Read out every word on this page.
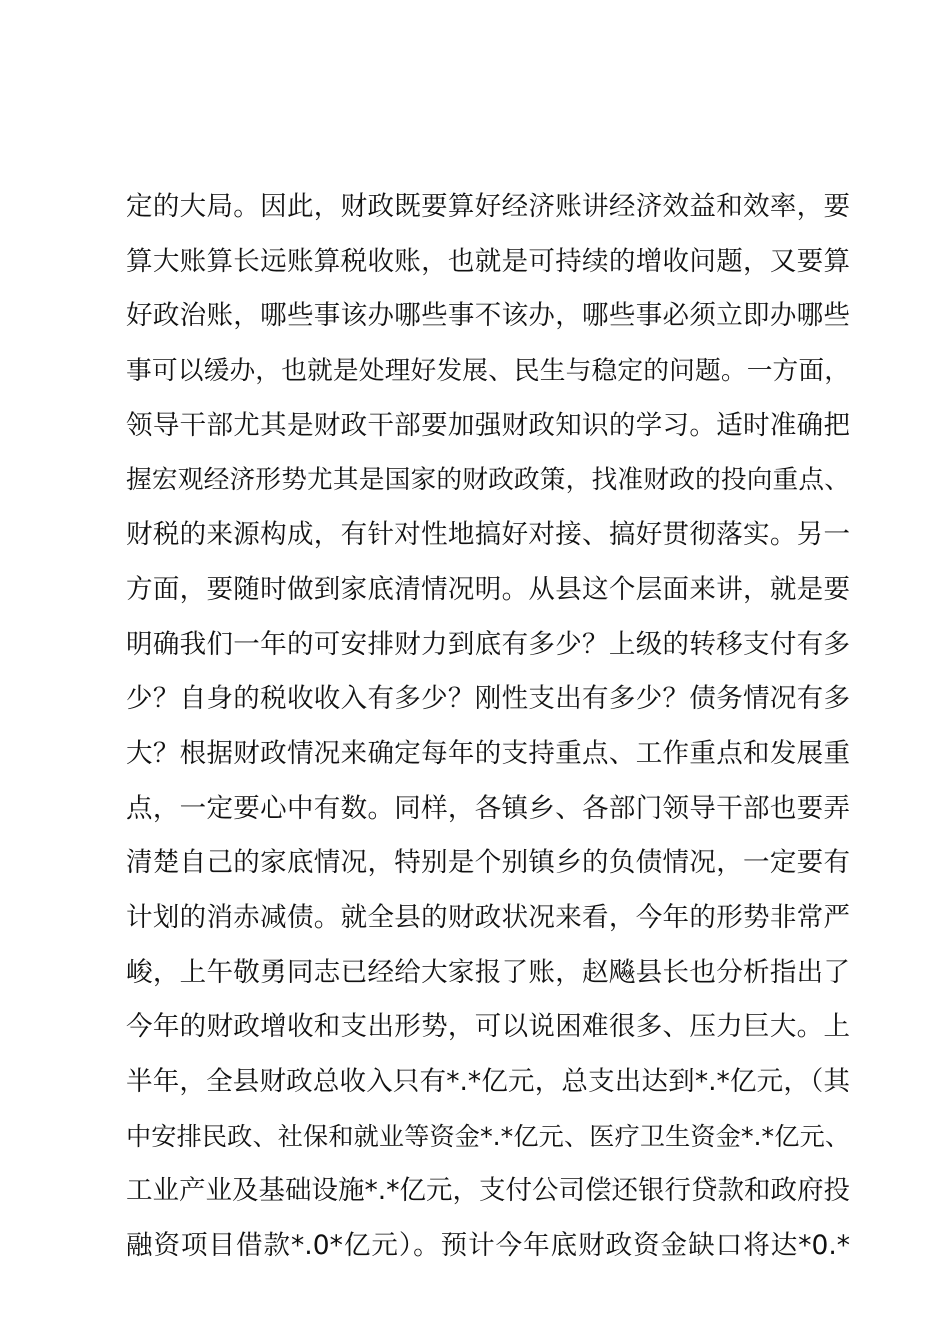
定的大局。因此，财政既要算好经济账讲经济效益和效率，要
算大账算长远账算税收账，也就是可持续的增收问题，又要算
好政治账，哪些事该办哪些事不该办，哪些事必须立即办哪些
事可以缓办，也就是处理好发展、民生与稳定的问题。一方面，
领导干部尤其是财政干部要加强财政知识的学习。适时准确把
握宏观经济形势尤其是国家的财政政策，找准财政的投向重点、
财税的来源构成，有针对性地搞好对接、搞好贯彻落实。另一
方面，要随时做到家底清情况明。从县这个层面来讲，就是要
明确我们一年的可安排财力到底有多少？上级的转移支付有多
少？自身的税收收入有多少？刚性支出有多少？债务情况有多
大？根据财政情况来确定每年的支持重点、工作重点和发展重
点，一定要心中有数。同样，各镇乡、各部门领导干部也要弄
清楚自己的家底情况，特别是个别镇乡的负债情况，一定要有
计划的消赤减债。就全县的财政状况来看，今年的形势非常严
峻，上午敬勇同志已经给大家报了账，赵飚县长也分析指出了
今年的财政增收和支出形势，可以说困难很多、压力巨大。上
半年，全县财政总收入只有*.*亿元，总支出达到*.*亿元，（其
中安排民政、社保和就业等资金*.*亿元、医疗卫生资金*.*亿元、
工业产业及基础设施*.*亿元，支付公司偿还银行贷款和政府投
融资项目借款*.0*亿元）。预计今年底财政资金缺口将达*0.*
